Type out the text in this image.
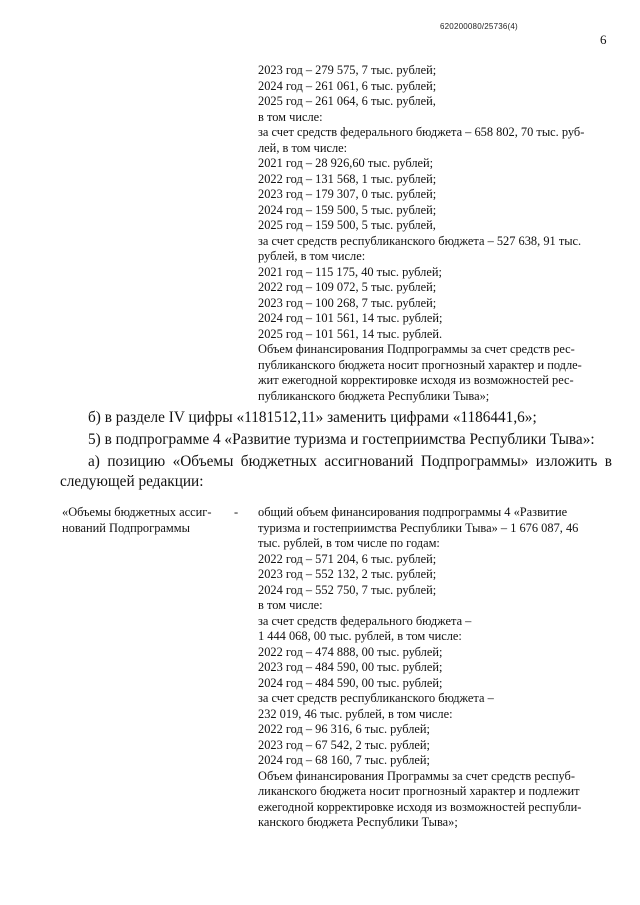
620200080/25736(4)
6
2023 год – 279 575, 7 тыс. рублей;
2024 год – 261 061, 6 тыс. рублей;
2025 год – 261 064, 6 тыс. рублей,
в том числе:
за счет средств федерального бюджета – 658 802, 70 тыс. руб-
лей, в том числе:
2021 год – 28 926,60 тыс. рублей;
2022 год – 131 568, 1 тыс. рублей;
2023 год – 179 307, 0 тыс. рублей;
2024 год – 159 500, 5 тыс. рублей;
2025 год – 159 500, 5 тыс. рублей,
за счет средств республиканского бюджета – 527 638, 91 тыс.
рублей, в том числе:
2021 год – 115 175, 40 тыс. рублей;
2022 год – 109 072, 5 тыс. рублей;
2023 год – 100 268, 7 тыс. рублей;
2024 год – 101 561, 14 тыс. рублей;
2025 год – 101 561, 14 тыс. рублей.
Объем финансирования Подпрограммы за счет средств рес-
публиканского бюджета носит прогнозный характер и подле-
жит ежегодной корректировке исходя из возможностей рес-
публиканского бюджета Республики Тыва»;
б) в разделе IV цифры «1181512,11» заменить цифрами «1186441,6»;
5) в подпрограмме 4 «Развитие туризма и гостеприимства Республики Тыва»:
а) позицию «Объемы бюджетных ассигнований Подпрограммы» изложить в
следующей редакции:
«Объемы бюджетных ассиг-
нований Подпрограммы
- общий объем финансирования подпрограммы 4 «Развитие
туризма и гостеприимства Республики Тыва» – 1 676 087, 46
тыс. рублей, в том числе по годам:
2022 год – 571 204, 6 тыс. рублей;
2023 год – 552 132, 2 тыс. рублей;
2024 год – 552 750, 7 тыс. рублей;
в том числе:
за счет средств федерального бюджета –
1 444 068, 00 тыс. рублей, в том числе:
2022 год – 474 888, 00 тыс. рублей;
2023 год – 484 590, 00 тыс. рублей;
2024 год – 484 590, 00 тыс. рублей;
за счет средств республиканского бюджета –
232 019, 46 тыс. рублей, в том числе:
2022 год – 96 316, 6 тыс. рублей;
2023 год – 67 542, 2 тыс. рублей;
2024 год – 68 160, 7 тыс. рублей;
Объем финансирования Программы за счет средств респуб-
ликанского бюджета носит прогнозный характер и подлежит
ежегодной корректировке исходя из возможностей республи-
канского бюджета Республики Тыва»;
